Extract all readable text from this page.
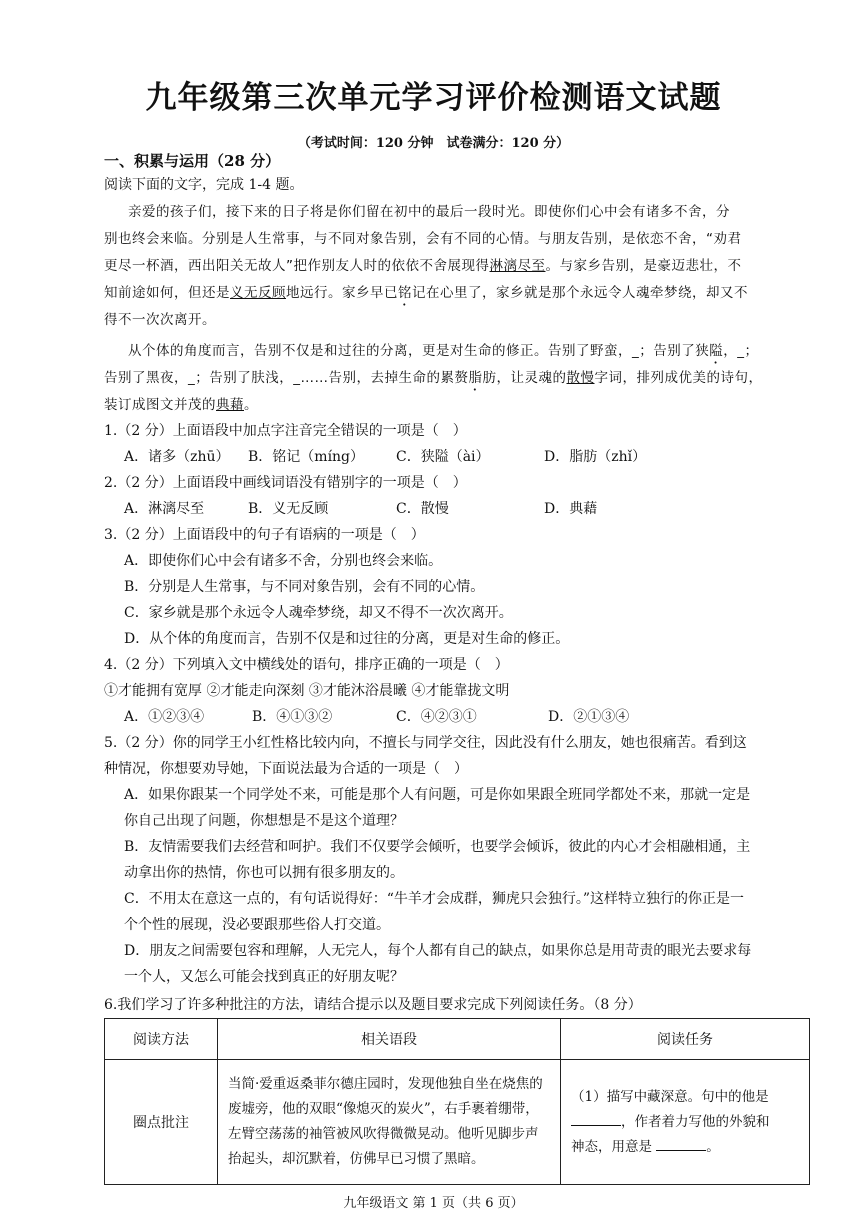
九年级第三次单元学习评价检测语文试题
（考试时间：120 分钟　试卷满分：120 分）
一、积累与运用（28 分）
阅读下面的文字，完成 1-4 题。
亲爱的孩子们，接下来的日子将是你们留在初中的最后一段时光。即使你们心中会有诸多不舍，分
别也终会来临。分别是人生常事，与不同对象告别，会有不同的心情。与朋友告别，是依恋不舍，“劝君
更尽一杯酒，西出阳关无故人”把作别友人时的依依不舍展现得淋漓尽至。与家乡告别，是豪迈悲壮，不
知前途如何，但还是义无反顾地远行。家乡早已铭记在心里了，家乡就是那个永远令人魂牵梦绕，却又不
得不一次次离开。
从个体的角度而言，告别不仅是和过往的分离，更是对生命的修正。告别了野蛮，_；告别了狭隘，_；
告别了黑夜，_；告别了肤浅，_……告别，去掉生命的累赘脂肪，让灵魂的散慢字词，排列成优美的诗句，
装订成图文并茂的典藉。
1.（2 分）上面语段中加点字注音完全错误的一项是（　）
A．诸多（zhū） B．铭记（míng） C．狭隘（ài）	D．脂肪（zhǐ）
2.（2 分）上面语段中画线词语没有错别字的一项是（　）
A．淋漓尽至	B．义无反顾	C．散慢	D．典藉
3.（2 分）上面语段中的句子有语病的一项是（　）
A．即使你们心中会有诸多不舍，分别也终会来临。
B．分别是人生常事，与不同对象告别，会有不同的心情。
C．家乡就是那个永远令人魂牵梦绕，却又不得不一次次离开。
D．从个体的角度而言，告别不仅是和过往的分离，更是对生命的修正。
4.（2 分）下列填入文中横线处的语句，排序正确的一项是（　）
①才能拥有宽厚 ②才能走向深刻 ③才能沐浴晨曦 ④才能靠拢文明
A．①②③④	B．④①③②	C．④②③①	D．②①③④
5.（2 分）你的同学王小红性格比较内向，不擅长与同学交往，因此没有什么朋友，她也很痛苦。看到这
种情况，你想要劝导她，下面说法最为合适的一项是（　）
A．如果你跟某一个同学处不来，可能是那个人有问题，可是你如果跟全班同学都处不来，那就一定是
你自己出现了问题，你想想是不是这个道理？
B．友情需要我们去经营和呵护。我们不仅要学会倾听，也要学会倾诉，彼此的内心才会相融相通，主
动拿出你的热情，你也可以拥有很多朋友的。
C．不用太在意这一点的，有句话说得好：“牛羊才会成群，狮虎只会独行。”这样特立独行的你正是一
个个性的展现，没必要跟那些俗人打交道。
D．朋友之间需要包容和理解，人无完人，每个人都有自己的缺点，如果你总是用苛责的眼光去要求每
一个人，又怎么可能会找到真正的好朋友呢？
6.我们学习了许多种批注的方法，请结合提示以及题目要求完成下列阅读任务。（8 分）
阅读方法	相关语段	阅读任务
圈点批注	当简·爱重返桑菲尔德庄园时，发现他独自坐在烧焦的废墟旁，他的双眼“像熄灭的炭火”，右手裹着绷带，左臂空荡荡的袖管被风吹得微微晃动。他听见脚步声抬起头，却沉默着，仿佛早已习惯了黑暗。	（1）描写中藏深意。句中的他是
，作者着力写他的外貌和
神态，用意是 。
九年级语文 第 1 页（共 6 页）
